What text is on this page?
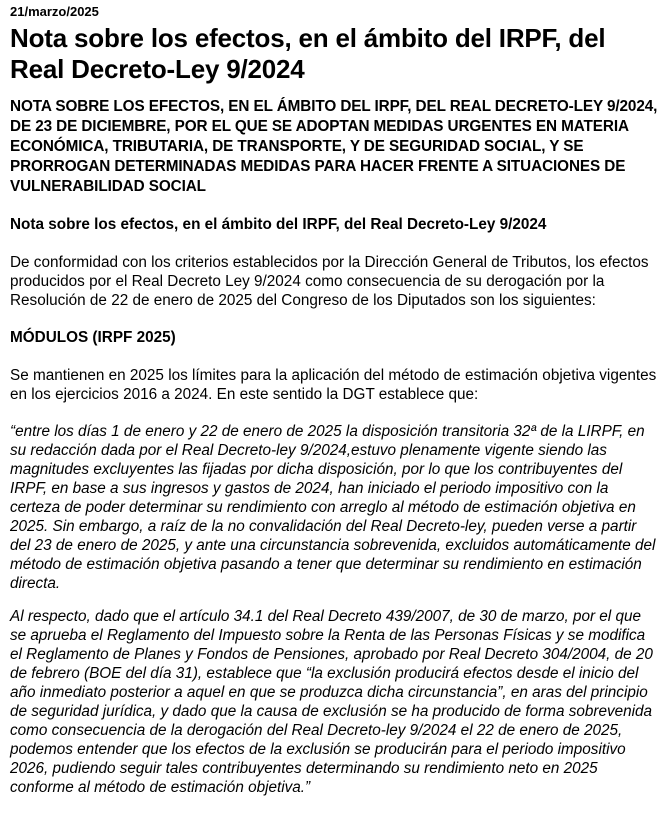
21/marzo/2025
Nota sobre los efectos, en el ámbito del IRPF, del Real Decreto-Ley 9/2024
NOTA SOBRE LOS EFECTOS, EN EL ÁMBITO DEL IRPF, DEL REAL DECRETO-LEY 9/2024, DE 23 DE DICIEMBRE, POR EL QUE SE ADOPTAN MEDIDAS URGENTES EN MATERIA ECONÓMICA, TRIBUTARIA, DE TRANSPORTE, Y DE SEGURIDAD SOCIAL, Y SE PRORROGAN DETERMINADAS MEDIDAS PARA HACER FRENTE A SITUACIONES DE VULNERABILIDAD SOCIAL
Nota sobre los efectos, en el ámbito del IRPF, del Real Decreto-Ley 9/2024

De conformidad con los criterios establecidos por la Dirección General de Tributos, los efectos producidos por el Real Decreto Ley 9/2024 como consecuencia de su derogación por la Resolución de 22 de enero de 2025 del Congreso de los Diputados son los siguientes:

MÓDULOS (IRPF 2025)

Se mantienen en 2025 los límites para la aplicación del método de estimación objetiva vigentes en los ejercicios 2016 a 2024. En este sentido la DGT establece que:

“entre los días 1 de enero y 22 de enero de 2025 la disposición transitoria 32ª de la LIRPF, en su redacción dada por el Real Decreto-ley 9/2024,estuvo plenamente vigente siendo las magnitudes excluyentes las fijadas por dicha disposición, por lo que los contribuyentes del IRPF, en base a sus ingresos y gastos de 2024, han iniciado el periodo impositivo con la certeza de poder determinar su rendimiento con arreglo al método de estimación objetiva en 2025. Sin embargo, a raíz de la no convalidación del Real Decreto-ley, pueden verse a partir del 23 de enero de 2025, y ante una circunstancia sobrevenida, excluidos automáticamente del método de estimación objetiva pasando a tener que determinar su rendimiento en estimación directa.

Al respecto, dado que el artículo 34.1 del Real Decreto 439/2007, de 30 de marzo, por el que se aprueba el Reglamento del Impuesto sobre la Renta de las Personas Físicas y se modifica el Reglamento de Planes y Fondos de Pensiones, aprobado por Real Decreto 304/2004, de 20 de febrero (BOE del día 31), establece que “la exclusión producirá efectos desde el inicio del año inmediato posterior a aquel en que se produzca dicha circunstancia”, en aras del principio de seguridad jurídica, y dado que la causa de exclusión se ha producido de forma sobrevenida como consecuencia de la derogación del Real Decreto-ley 9/2024 el 22 de enero de 2025, podemos entender que los efectos de la exclusión se producirán para el periodo impositivo 2026, pudiendo seguir tales contribuyentes determinando su rendimiento neto en 2025 conforme al método de estimación objetiva.”
